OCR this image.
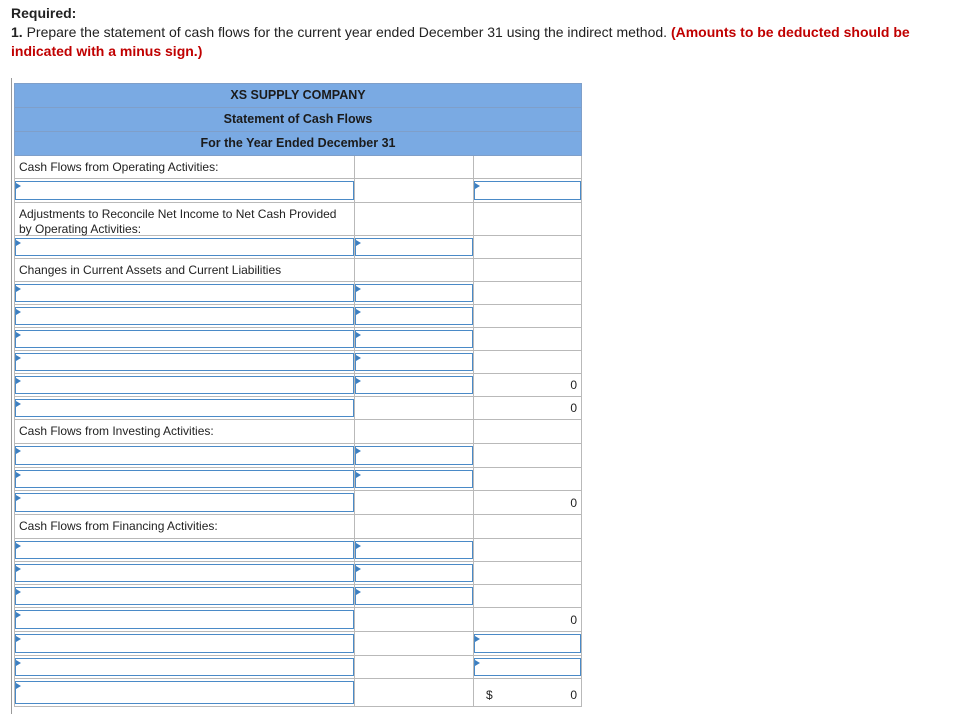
Required:
1. Prepare the statement of cash flows for the current year ended December 31 using the indirect method. (Amounts to be deducted should be indicated with a minus sign.)
XS SUPPLY COMPANY
Statement of Cash Flows
For the Year Ended December 31
Cash Flows from Operating Activities:
Adjustments to Reconcile Net Income to Net Cash Provided by Operating Activities:
Changes in Current Assets and Current Liabilities
0
0
Cash Flows from Investing Activities:
0
Cash Flows from Financing Activities:
0
$	0
